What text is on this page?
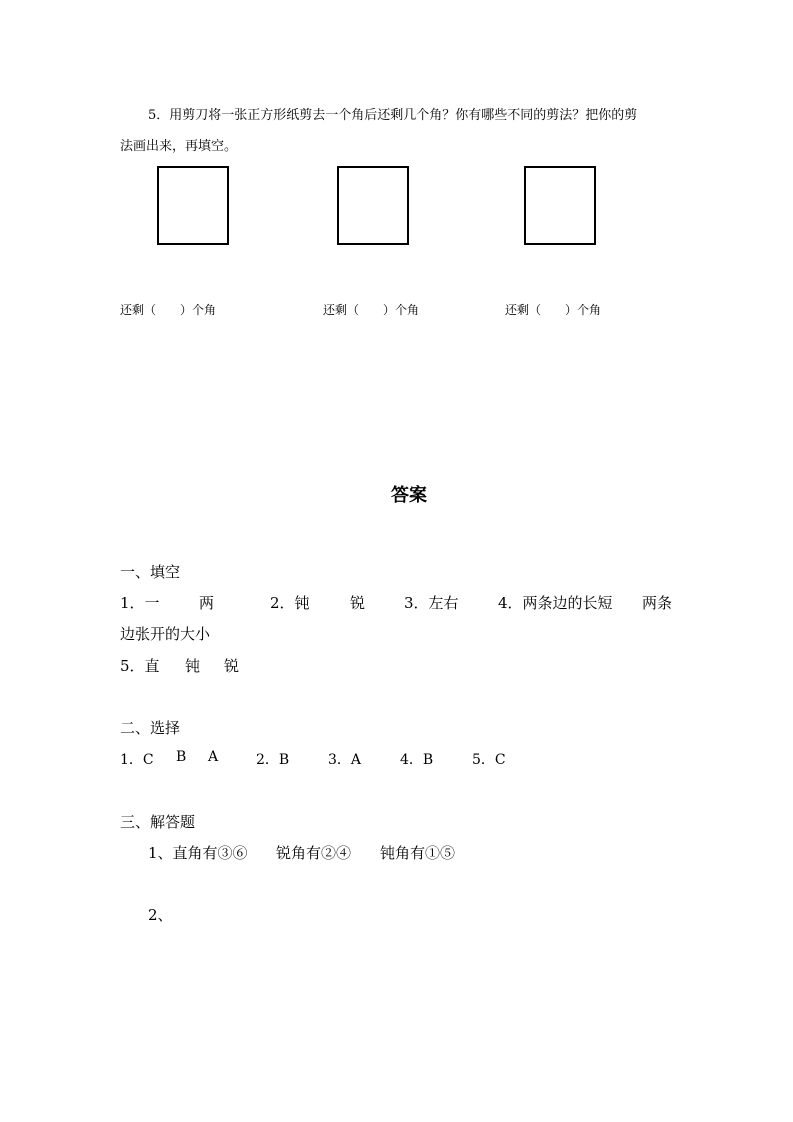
5．用剪刀将一张正方形纸剪去一个角后还剩几个角？你有哪些不同的剪法？把你的剪
法画出来，再填空。
还剩（　　）个角	还剩（　　）个角	还剩（　　）个角
答案
一、填空
1．一	两	2．钝	锐	3．左右	4．两条边的长短 两条
边张开的大小
5．直 钝 锐
二、选择
1．C B A	2．B	3．A	4．B	5．C
三、解答题
1、直角有③⑥ 锐角有②④ 钝角有①⑤
2、
